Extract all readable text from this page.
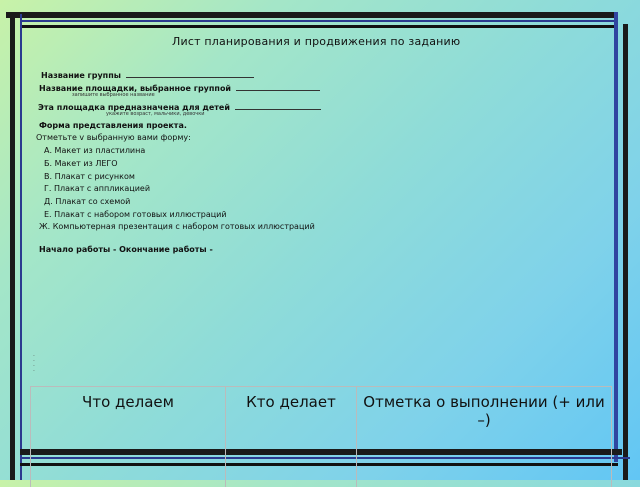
Лист планирования и продвижения по заданию
Название группы
Название площадки, выбранное группой
запишите выбранное название
Эта площадка предназначена для детей
укажите возраст, мальчики, девочки
Форма представления проекта.
Отметьте v выбранную вами форму:
А. Макет из пластилина
Б. Макет из ЛЕГО
В. Плакат с рисунком
Г. Плакат с аппликацией
Д. Плакат со схемой
Е. Плакат с набором готовых иллюстраций
Ж. Компьютерная презентация с набором готовых иллюстраций
Начало работы - Окончание работы -
·
·
·
·
Что делаем	Кто делает	Отметка о выполнении (+ или –)
